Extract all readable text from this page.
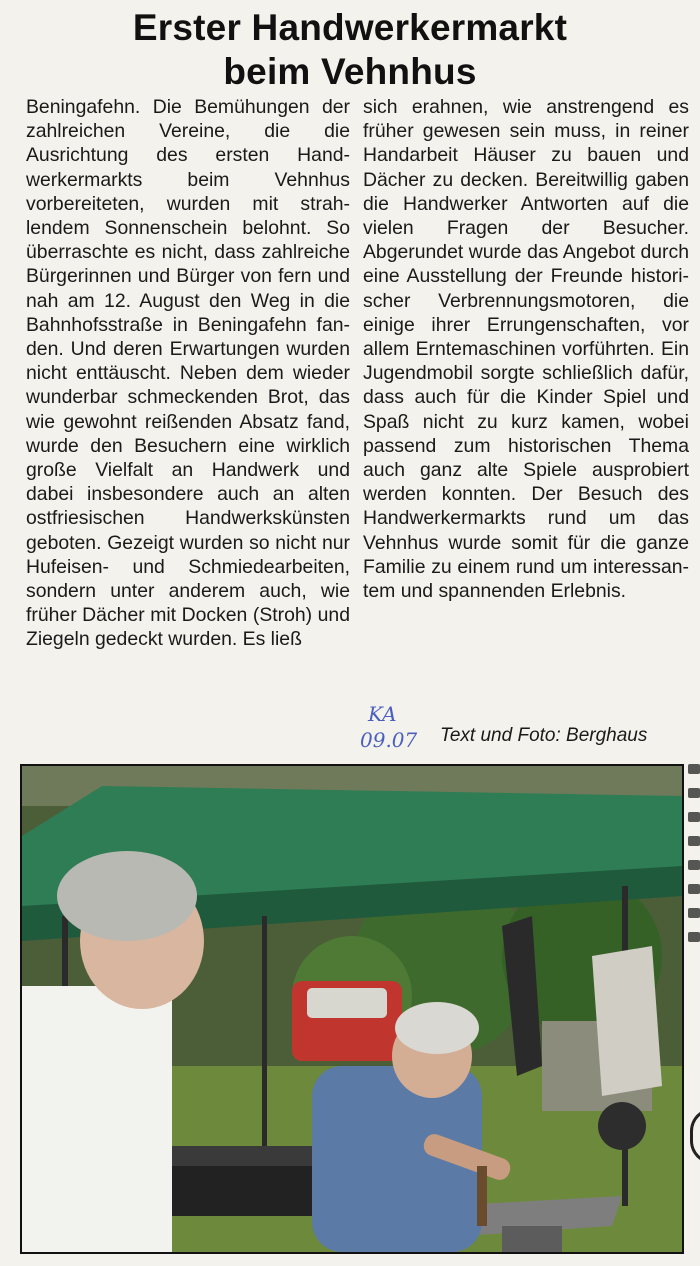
Erster Handwerkermarkt
beim Vehnhus

Beningafehn. Die Bemühungen der zahlreichen Vereine, die die Ausrichtung des ersten Handwerkermarkts beim Vehnhus vorbereiteten, wurden mit strahlendem Sonnenschein belohnt. So überraschte es nicht, dass zahlreiche Bürgerinnen und Bürger von fern und nah am 12. August den Weg in die Bahnhofsstraße in Beningafehn fanden. Und deren Erwartungen wurden nicht enttäuscht. Neben dem wieder wunderbar schmeckenden Brot, das wie gewohnt reißenden Absatz fand, wurde den Besuchern eine wirklich große Vielfalt an Handwerk und dabei insbesondere auch an alten ostfriesischen Handwerkskünsten geboten. Gezeigt wurden so nicht nur Hufeisen- und Schmiedearbeiten, sondern unter anderem auch, wie früher Dächer mit Docken (Stroh) und Ziegeln gedeckt wurden. Es ließ

sich erahnen, wie anstrengend es früher gewesen sein muss, in reiner Handarbeit Häuser zu bauen und Dächer zu decken. Bereitwillig gaben die Handwerker Antworten auf die vielen Fragen der Besucher. Abgerundet wurde das Angebot durch eine Ausstellung der Freunde historischer Verbrennungsmotoren, die einige ihrer Errungenschaften, vor allem Erntemaschinen vorführten. Ein Jugendmobil sorgte schließlich dafür, dass auch für die Kinder Spiel und Spaß nicht zu kurz kamen, wobei passend zum historischen Thema auch ganz alte Spiele ausprobiert werden konnten. Der Besuch des Handwerkermarkts rund um das Vehnhus wurde somit für die ganze Familie zu einem rund um interessantem und spannenden Erlebnis.

KA
09.07 Text und Foto: Berghaus
